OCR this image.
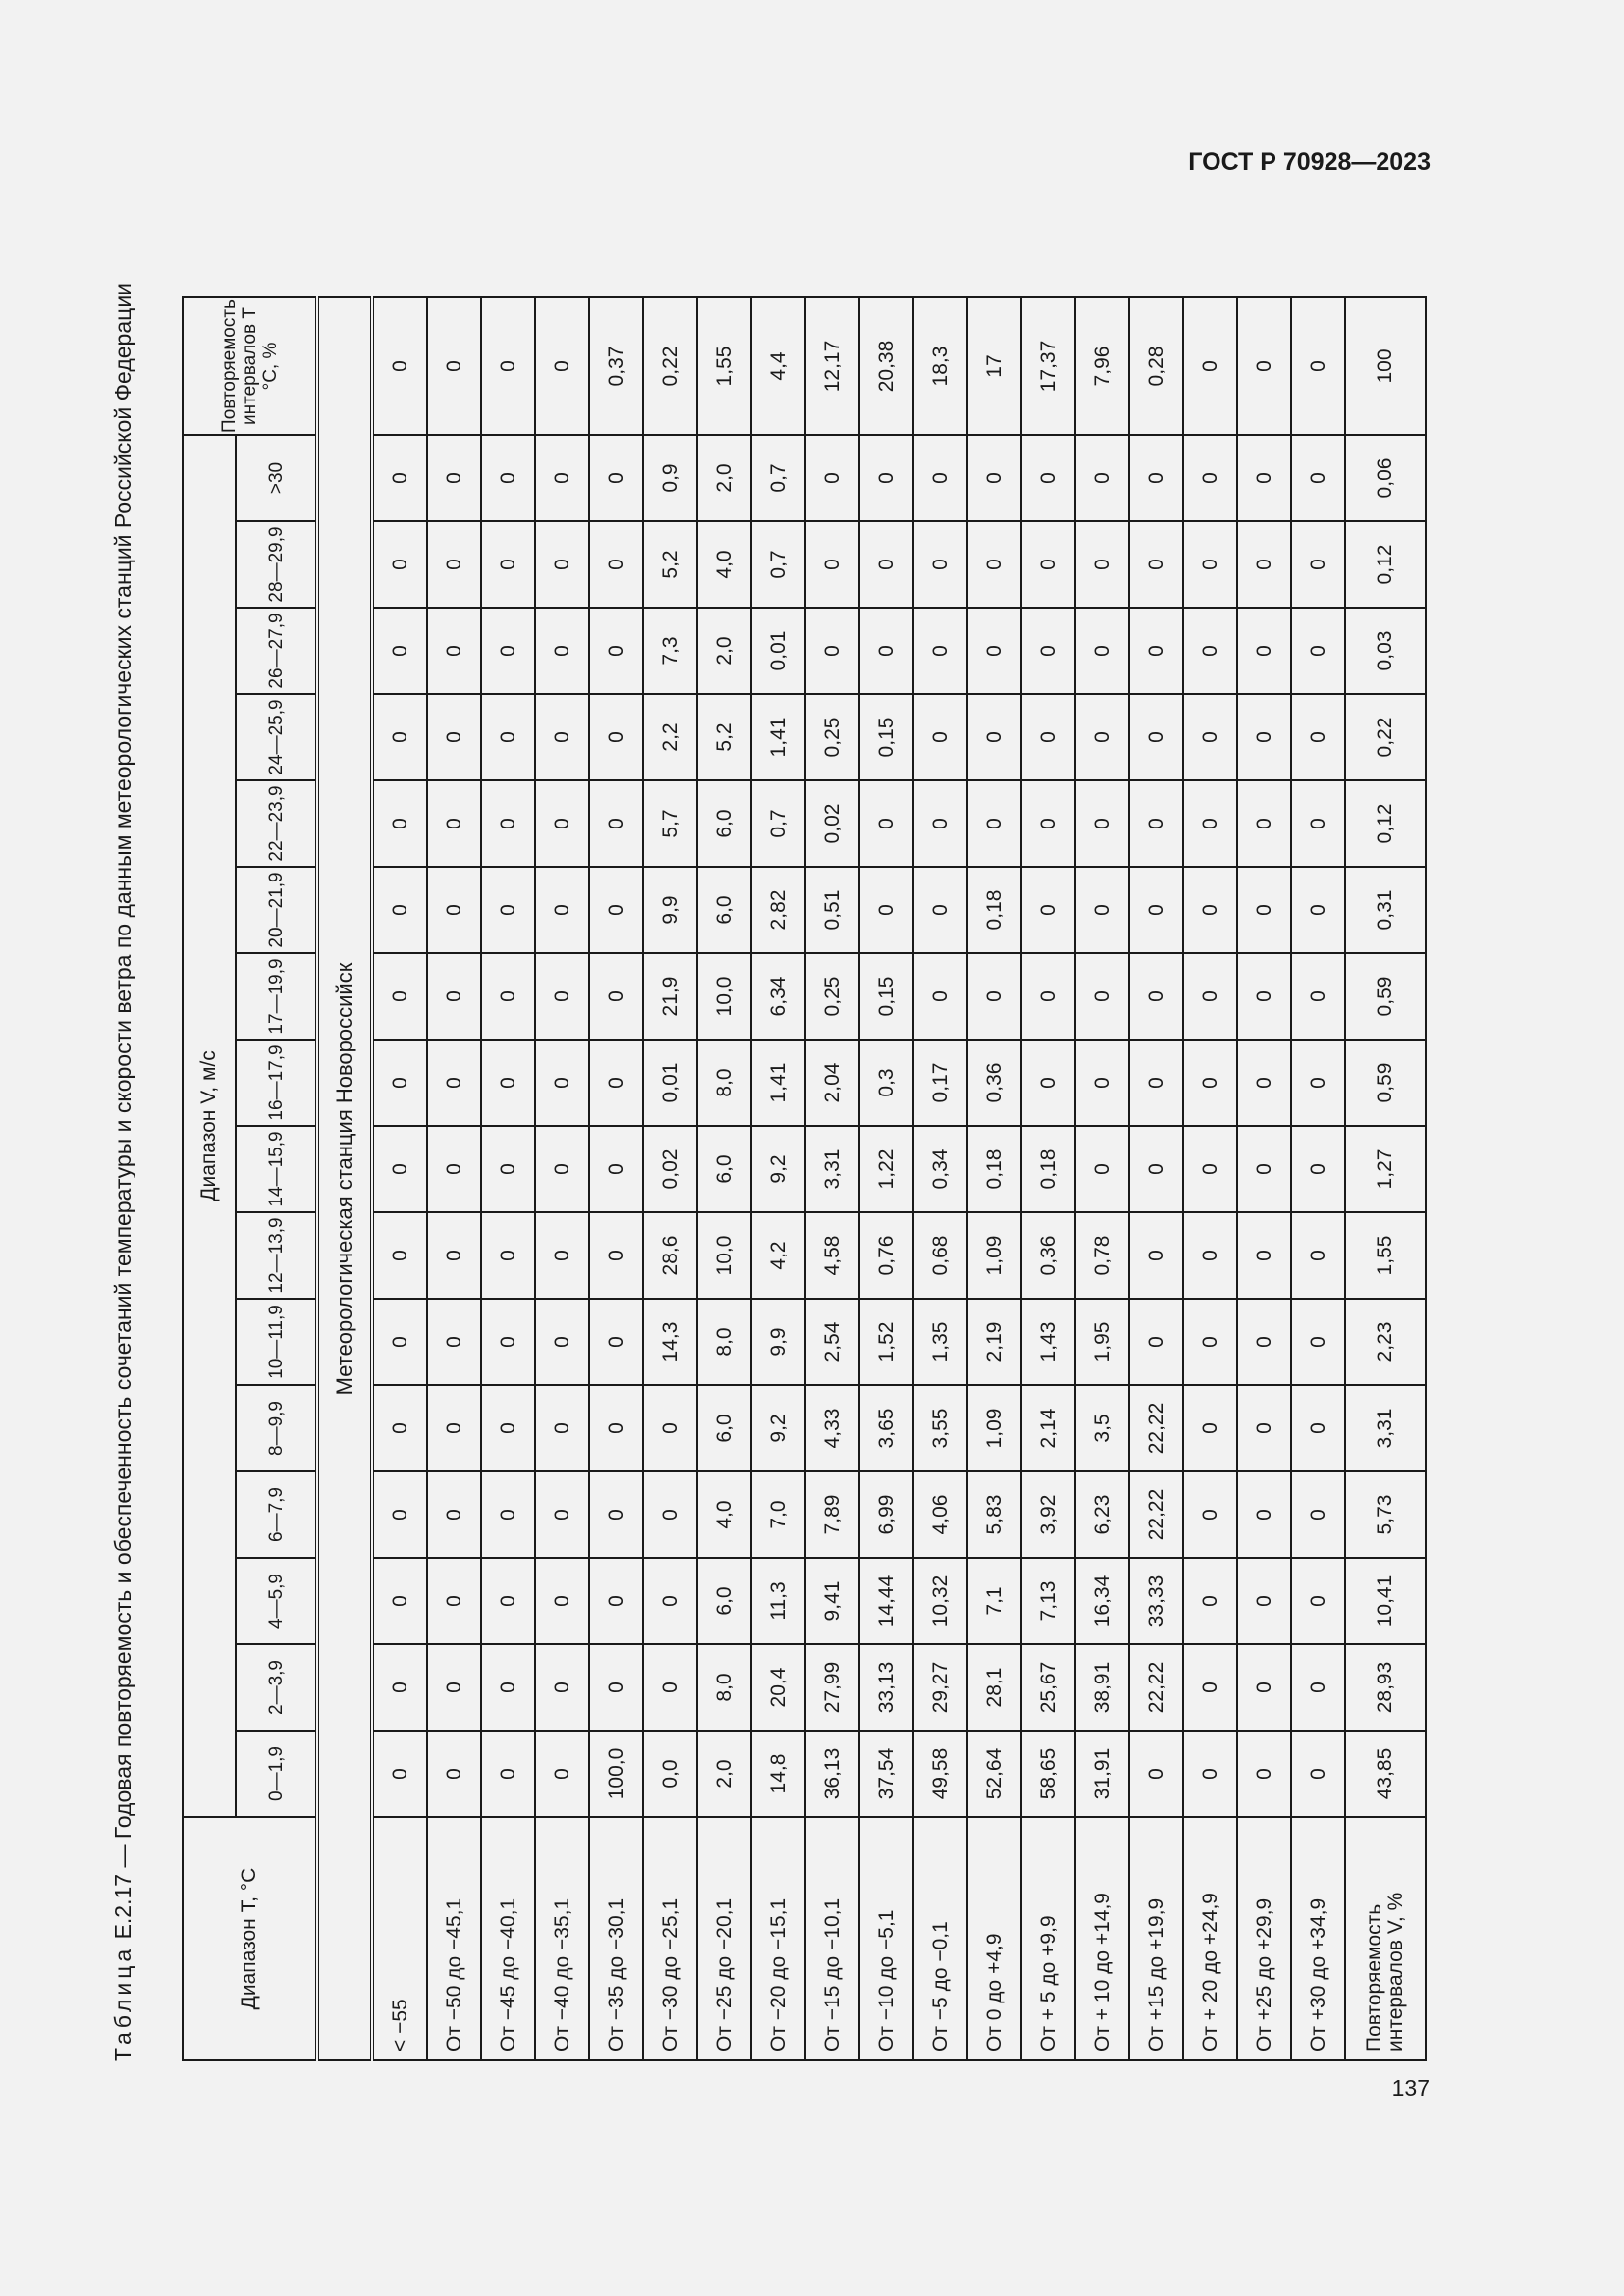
ГОСТ Р 70928—2023
137
Таблица Е.2.17 — Годовая повторяемость и обеспеченность сочетаний температуры и скорости ветра по данным метеорологических станций Российской Федерации	Диапазон T, °C	Диапазон V, м/с																Повторяемость интервалов T °C, %
	0—1,9	2—3,9	4—5,9	6—7,9	8—9,9	10—11,9	12—13,9	14—15,9	16—17,9	17—19,9	20—21,9	22—23,9	24—25,9	26—27,9	28—29,9	>30	
Метеорологическая станция Новороссийск																	
< −55	0	0	0	0	0	0	0	0	0	0	0	0	0	0	0	0	0
От −50 до −45,1	0	0	0	0	0	0	0	0	0	0	0	0	0	0	0	0	0
От −45 до −40,1	0	0	0	0	0	0	0	0	0	0	0	0	0	0	0	0	0
От −40 до −35,1	0	0	0	0	0	0	0	0	0	0	0	0	0	0	0	0	0
От −35 до −30,1	100,0	0	0	0	0	0	0	0	0	0	0	0	0	0	0	0	0,37
От −30 до −25,1	0,0	0	0	0	0	14,3	28,6	0,02	0,01	21,9	9,9	5,7	2,2	7,3	5,2	0,9	0,22
От −25 до −20,1	2,0	8,0	6,0	4,0	6,0	8,0	10,0	6,0	8,0	10,0	6,0	6,0	5,2	2,0	4,0	2,0	1,55
От −20 до −15,1	14,8	20,4	11,3	7,0	9,2	9,9	4,2	9,2	1,41	6,34	2,82	0,7	1,41	0,01	0,7	0,7	4,4
От −15 до −10,1	36,13	27,99	9,41	7,89	4,33	2,54	4,58	3,31	2,04	0,25	0,51	0,02	0,25	0	0	0	12,17
От −10 до −5,1	37,54	33,13	14,44	6,99	3,65	1,52	0,76	1,22	0,3	0,15	0	0	0,15	0	0	0	20,38
От −5 до −0,1	49,58	29,27	10,32	4,06	3,55	1,35	0,68	0,34	0,17	0	0	0	0	0	0	0	18,3
От 0 до +4,9	52,64	28,1	7,1	5,83	1,09	2,19	1,09	0,18	0,36	0	0,18	0	0	0	0	0	17
От + 5 до +9,9	58,65	25,67	7,13	3,92	2,14	1,43	0,36	0,18	0	0	0	0	0	0	0	0	17,37
От + 10 до +14,9	31,91	38,91	16,34	6,23	3,5	1,95	0,78	0	0	0	0	0	0	0	0	0	7,96
От +15 до +19,9	0	22,22	33,33	22,22	22,22	0	0	0	0	0	0	0	0	0	0	0	0,28
От + 20 до +24,9	0	0	0	0	0	0	0	0	0	0	0	0	0	0	0	0	0
От +25 до +29,9	0	0	0	0	0	0	0	0	0	0	0	0	0	0	0	0	0
От +30 до +34,9	0	0	0	0	0	0	0	0	0	0	0	0	0	0	0	0	0
Повторяемость интервалов V, %	43,85	28,93	10,41	5,73	3,31	2,23	1,55	1,27	0,59	0,59	0,31	0,12	0,22	0,03	0,12	0,06	100
